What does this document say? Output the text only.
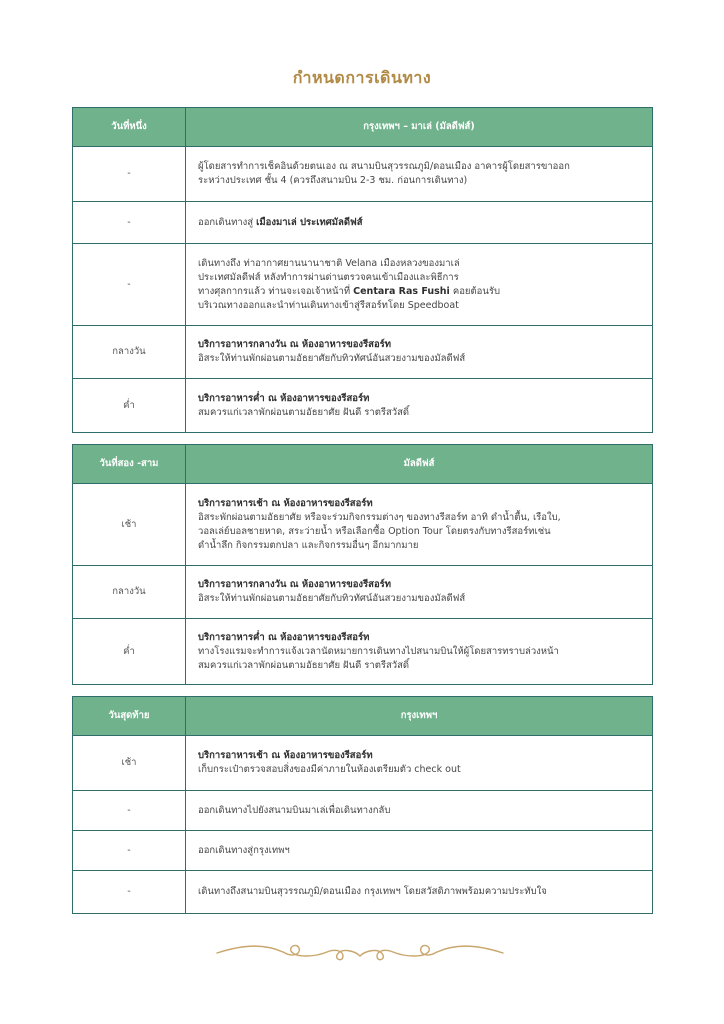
กำหนดการเดินทาง
วันที่หนึ่ง	กรุงเทพฯ – มาเล่ (มัลดีฟส์)
-	ผู้โดยสารทำการเช็คอินด้วยตนเอง ณ สนามบินสุวรรณภูมิ/ดอนเมือง อาคารผู้โดยสารขาออก
ระหว่างประเทศ ชั้น 4 (ควรถึงสนามบิน 2-3 ชม. ก่อนการเดินทาง)

-	ออกเดินทางสู่ เมืองมาเล่ ประเทศมัลดีฟส์
-	เดินทางถึง ท่าอากาศยานนานาชาติ Velana เมืองหลวงของมาเล่
ประเทศมัลดีฟส์ หลังทำการผ่านด่านตรวจคนเข้าเมืองและพิธีการ
ทางศุลกากรแล้ว ท่านจะเจอเจ้าหน้าที่ Centara Ras Fushi คอยต้อนรับ
บริเวณทางออกและนำท่านเดินทางเข้าสู่รีสอร์ทโดย Speedboat

กลางวัน	บริการอาหารกลางวัน ณ ห้องอาหารของรีสอร์ท
อิสระให้ท่านพักผ่อนตามอัธยาศัยกับทิวทัศน์อันสวยงามของมัลดีฟส์

ค่ำ	บริการอาหารค่ำ ณ ห้องอาหารของรีสอร์ท
สมควรแก่เวลาพักผ่อนตามอัธยาศัย ฝันดี ราตรีสวัสดิ์
วันที่สอง -สาม	มัลดีฟส์
เช้า	บริการอาหารเช้า ณ ห้องอาหารของรีสอร์ท
อิสระพักผ่อนตามอัธยาศัย หรือจะร่วมกิจกรรมต่างๆ ของทางรีสอร์ท อาทิ ดำน้ำตื้น, เรือใบ,
วอลเล่ย์บอลชายหาด, สระว่ายน้ำ หรือเลือกซื้อ Option Tour โดยตรงกับทางรีสอร์ทเช่น
ดำน้ำลึก กิจกรรมตกปลา และกิจกรรมอื่นๆ อีกมากมาย

กลางวัน	บริการอาหารกลางวัน ณ ห้องอาหารของรีสอร์ท
อิสระให้ท่านพักผ่อนตามอัธยาศัยกับทิวทัศน์อันสวยงามของมัลดีฟส์

ค่ำ	บริการอาหารค่ำ ณ ห้องอาหารของรีสอร์ท
ทางโรงแรมจะทำการแจ้งเวลานัดหมายการเดินทางไปสนามบินให้ผู้โดยสารทราบล่วงหน้า
สมควรแก่เวลาพักผ่อนตามอัธยาศัย ฝันดี ราตรีสวัสดิ์
วันสุดท้าย	กรุงเทพฯ
เช้า	บริการอาหารเช้า ณ ห้องอาหารของรีสอร์ท
เก็บกระเป๋าตรวจสอบสิ่งของมีค่าภายในห้องเตรียมตัว check out

-	ออกเดินทางไปยังสนามบินมาเล่เพื่อเดินทางกลับ
-	ออกเดินทางสู่กรุงเทพฯ
-	เดินทางถึงสนามบินสุวรรณภูมิ/ดอนเมือง กรุงเทพฯ โดยสวัสดิภาพพร้อมความประทับใจ
